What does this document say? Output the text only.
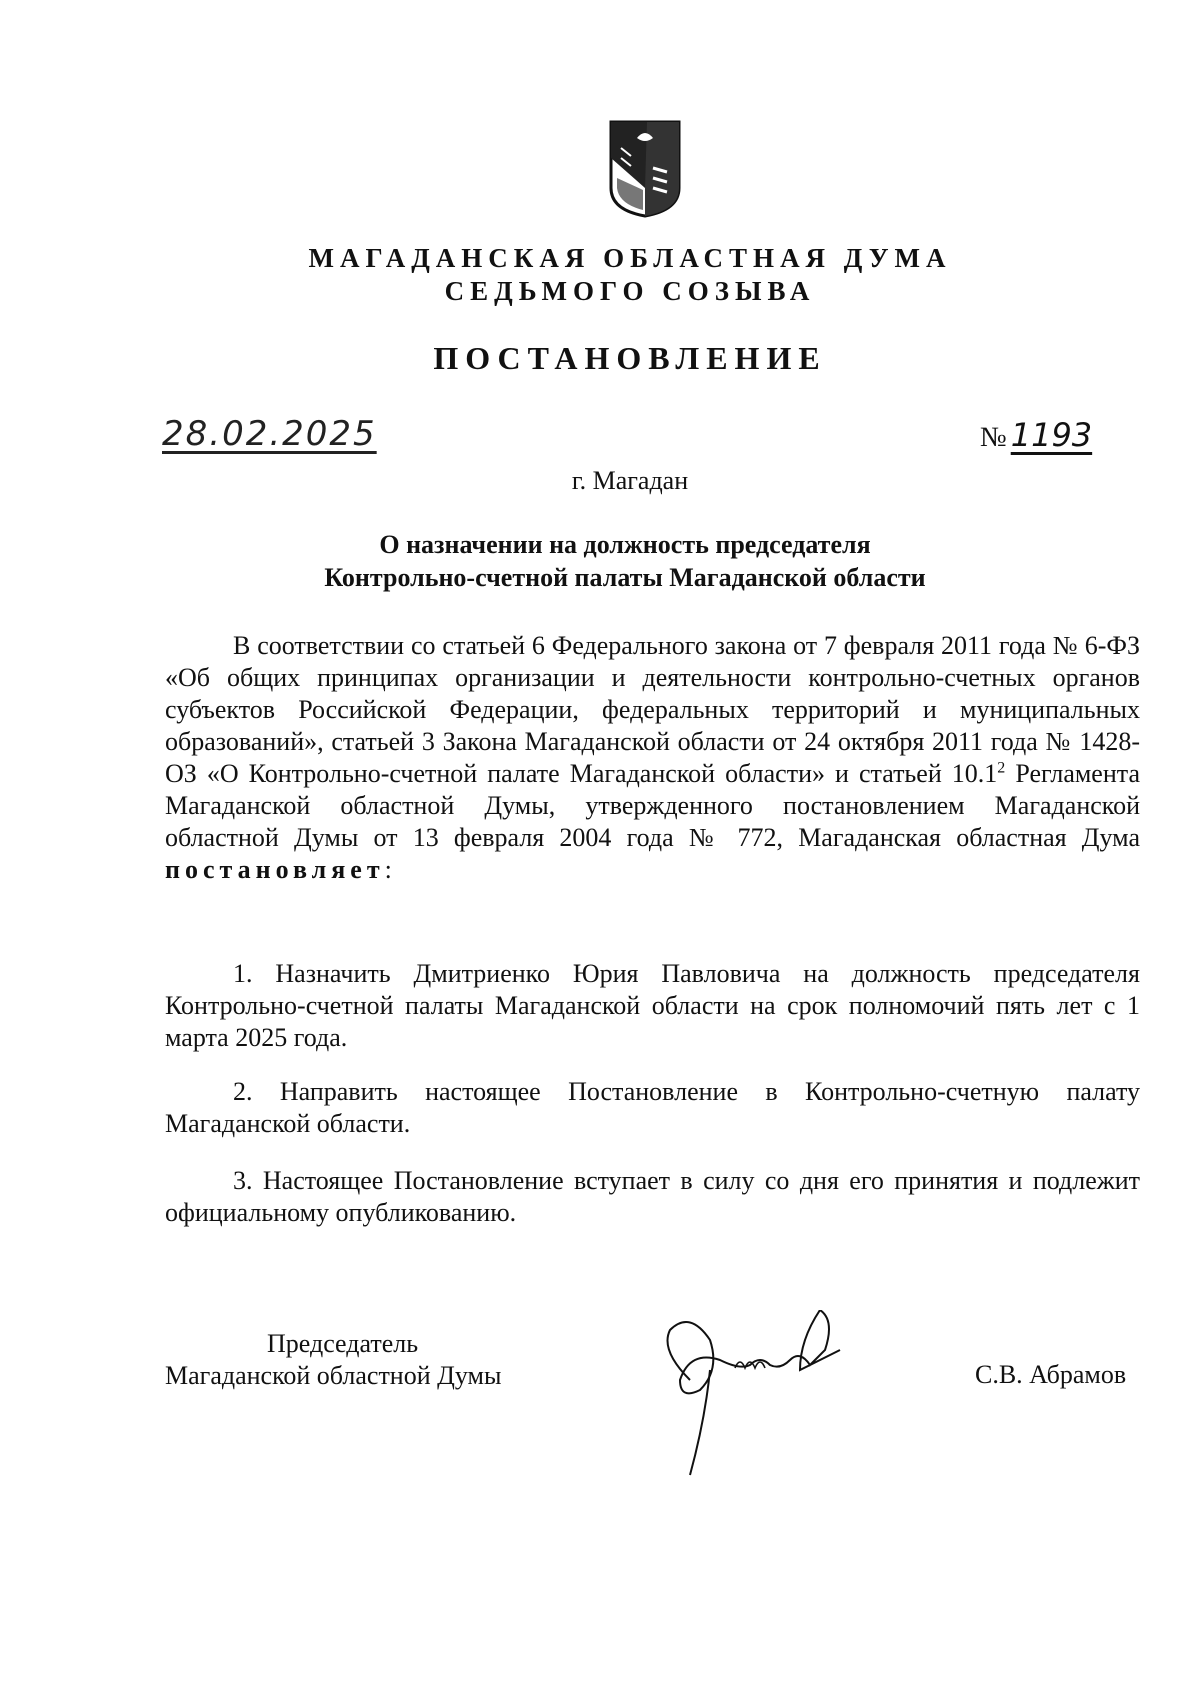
МАГАДАНСКАЯ ОБЛАСТНАЯ ДУМА
СЕДЬМОГО СОЗЫВА
ПОСТАНОВЛЕНИЕ
28.02.2025	№ 1193
г. Магадан
О назначении на должность председателя
Контрольно-счетной палаты Магаданской области

В соответствии со статьей 6 Федерального закона от 7 февраля 2011 года № 6-ФЗ «Об общих принципах организации и деятельности контрольно-счетных органов субъектов Российской Федерации, федеральных территорий и муниципальных образований», статьей 3 Закона Магаданской области от 24 октября 2011 года № 1428-ОЗ «О Контрольно-счетной палате Магаданской области» и статьей 10.1$^2$ Регламента Магаданской областной Думы, утвержденного постановлением Магаданской областной Думы от 13 февраля 2004 года № 772, Магаданская областная Дума постановляет:

1. Назначить Дмитриенко Юрия Павловича на должность председателя Контрольно-счетной палаты Магаданской области на срок полномочий пять лет с 1 марта 2025 года.

2. Направить настоящее Постановление в Контрольно-счетную палату Магаданской области.

3. Настоящее Постановление вступает в силу со дня его принятия и подлежит официальному опубликованию.

Председатель
Магаданской областной Думы	С.В. Абрамов
